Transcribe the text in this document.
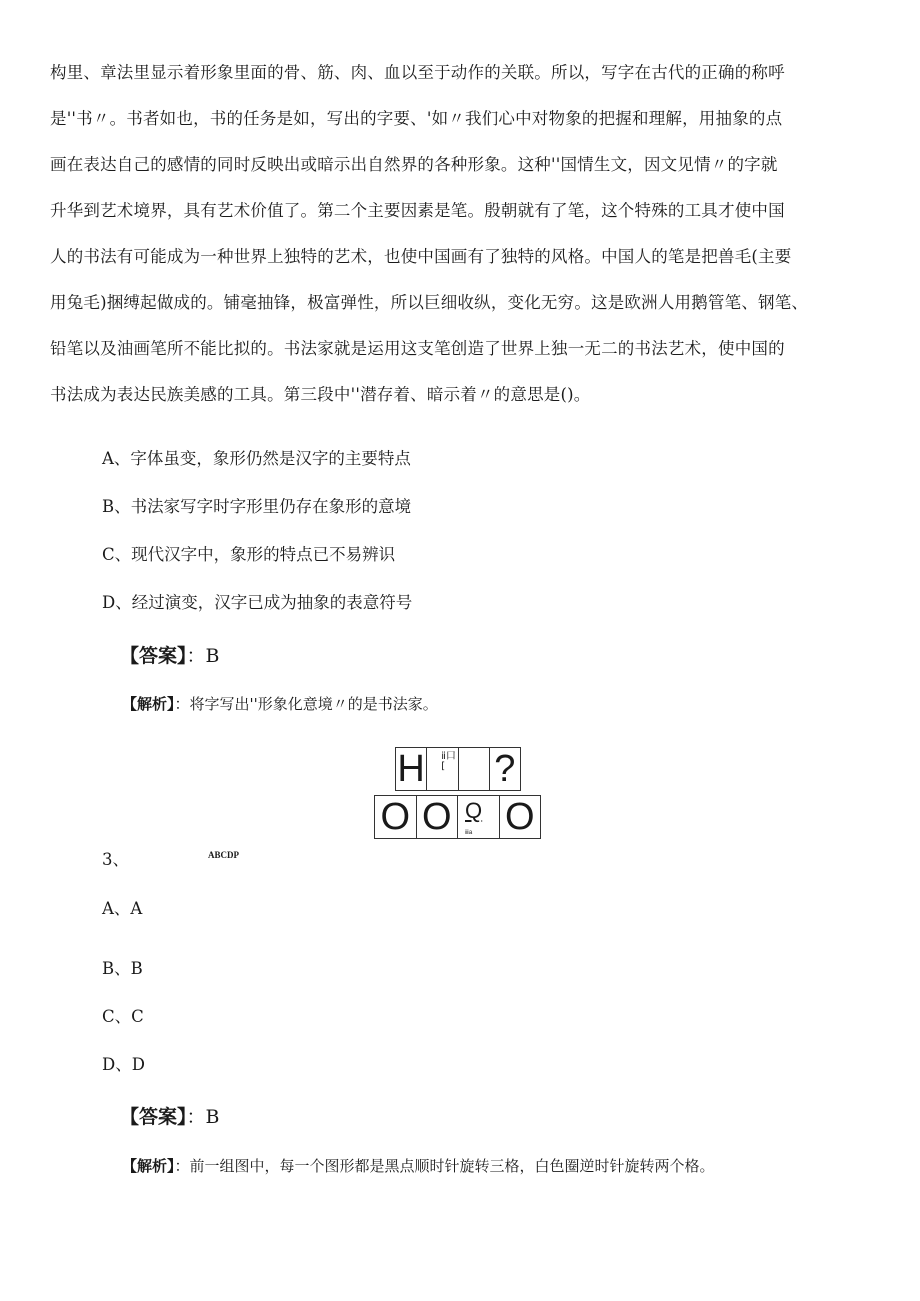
构里、章法里显示着形象里面的骨、筋、肉、血以至于动作的关联。所以，写字在古代的正确的称呼
是''书〃。书者如也，书的任务是如，写出的字要、'如〃我们心中对物象的把握和理解，用抽象的点
画在表达自己的感情的同时反映出或暗示出自然界的各种形象。这种''国情生文，因文见情〃的字就
升华到艺术境界，具有艺术价值了。第二个主要因素是笔。殷朝就有了笔，这个特殊的工具才使中国
人的书法有可能成为一种世界上独特的艺术，也使中国画有了独特的风格。中国人的笔是把兽毛(主要
用兔毛)捆缚起做成的。铺毫抽锋，极富弹性，所以巨细收纵，变化无穷。这是欧洲人用鹅管笔、钢笔、
铅笔以及油画笔所不能比拟的。书法家就是运用这支笔创造了世界上独一无二的书法艺术，使中国的
书法成为表达民族美感的工具。第三段中''潜存着、暗示着〃的意思是()。
A、字体虽变，象形仍然是汉字的主要特点
B、书法家写字时字形里仍存在象形的意境
C、现代汉字中，象形的特点已不易辨识
D、经过演变，汉字已成为抽象的表意符号
【答案】：B
【解析】：将字写出''形象化意境〃的是书法家。
H ⅱ口[	?
O O Q
ⅲa O
3、	ABCDP
A、A
B、B
C、C
D、D
【答案】：B
【解析】：前一组图中，每一个图形都是黑点顺时针旋转三格，白色圈逆时针旋转两个格。
